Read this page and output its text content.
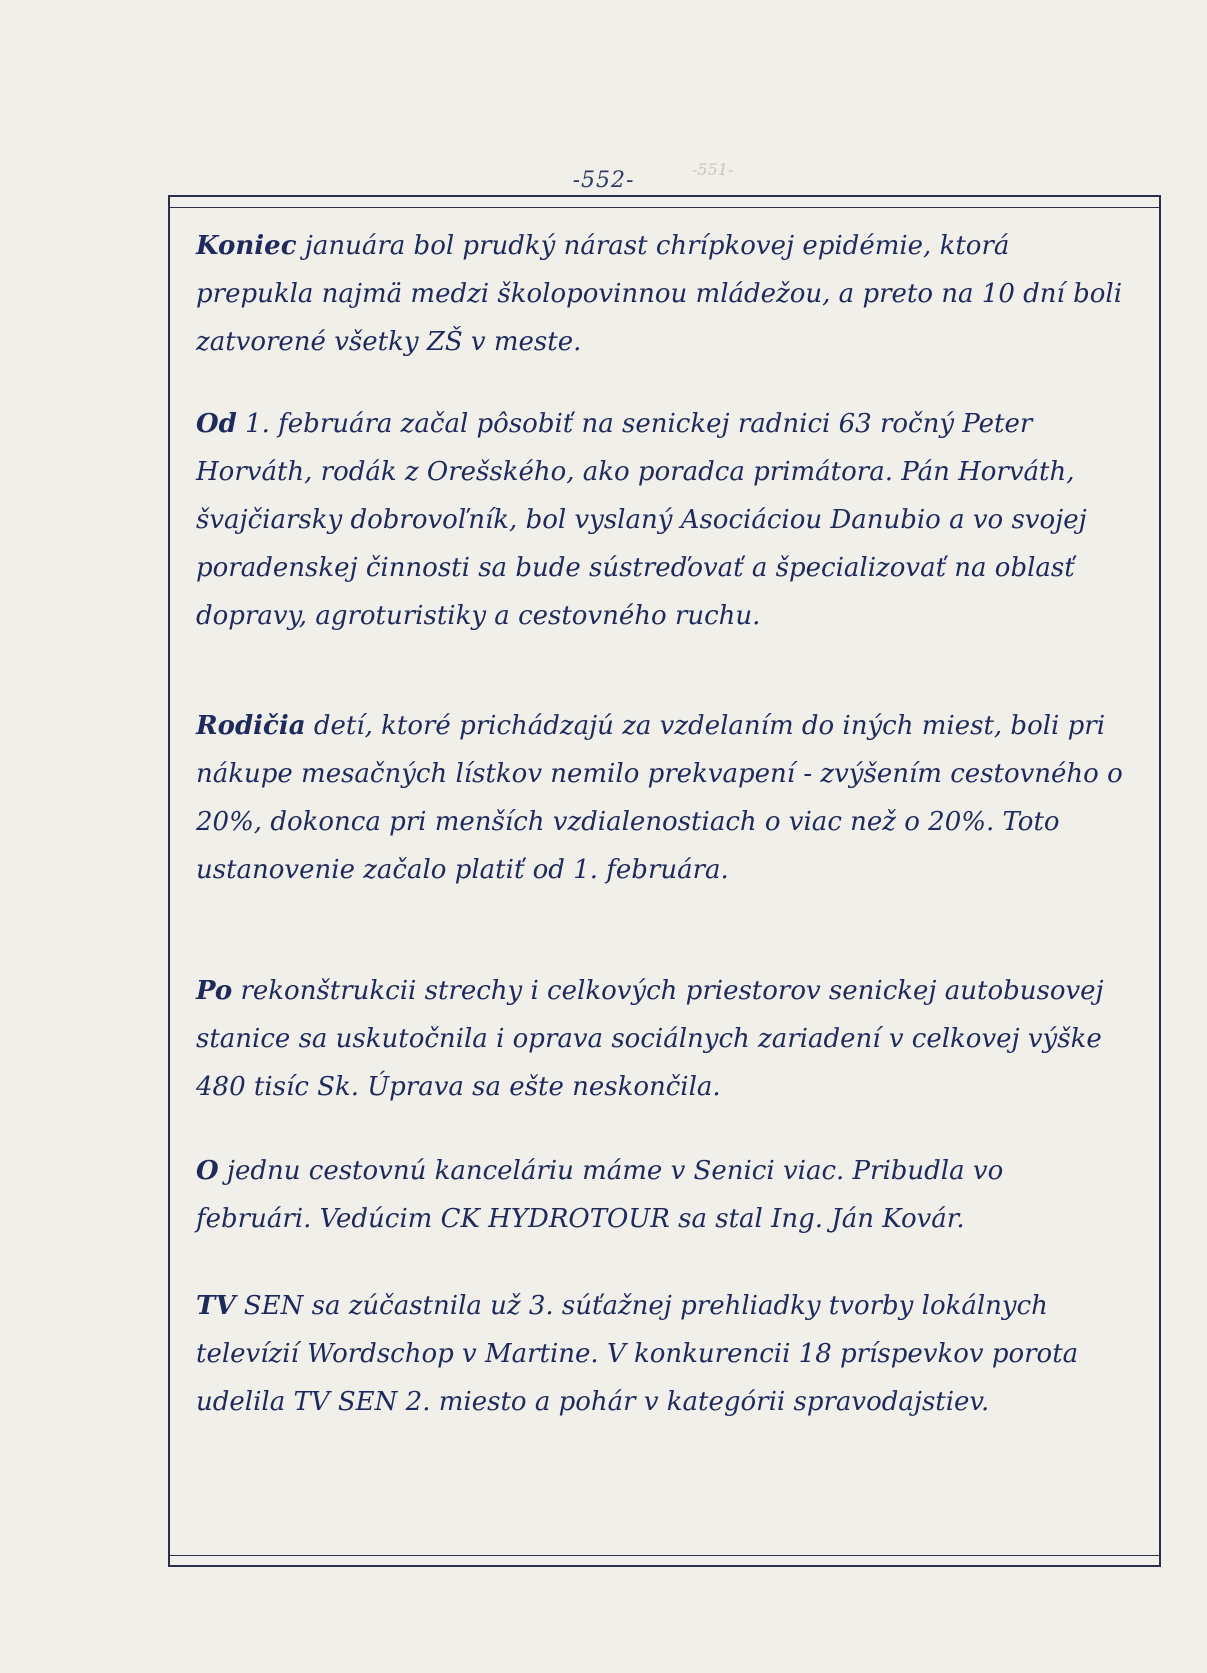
-551-
-552-

Koniec januára bol prudký nárast chrípkovej epidémie, ktorá prepukla najmä medzi školopovinnou mládežou, a preto na 10 dní boli zatvorené všetky ZŠ v meste.

Od 1. februára začal pôsobiť na senickej radnici 63 ročný Peter Horváth, rodák z Orešského, ako poradca primátora. Pán Horváth, švajčiarsky dobrovoľník, bol vyslaný Asociáciou Danubio a vo svojej poradenskej činnosti sa bude sústreďovať a špecializovať na oblasť dopravy, agroturistiky a cestovného ruchu.

Rodičia detí, ktoré prichádzajú za vzdelaním do iných miest, boli pri nákupe mesačných lístkov nemilo prekvapení - zvýšením cestovného o 20%, dokonca pri menších vzdialenostiach o viac než o 20%. Toto ustanovenie začalo platiť od 1. februára.

Po rekonštrukcii strechy i celkových priestorov senickej autobusovej stanice sa uskutočnila i oprava sociálnych zariadení v celkovej výške 480 tisíc Sk. Úprava sa ešte neskončila.

O jednu cestovnú kanceláriu máme v Senici viac. Pribudla vo februári. Vedúcim CK HYDROTOUR sa stal Ing. Ján Kovár.

TV SEN sa zúčastnila už 3. súťažnej prehliadky tvorby lokálnych televízií Wordschop v Martine. V konkurencii 18 príspevkov porota udelila TV SEN 2. miesto a pohár v kategórii spravodajstiev.
